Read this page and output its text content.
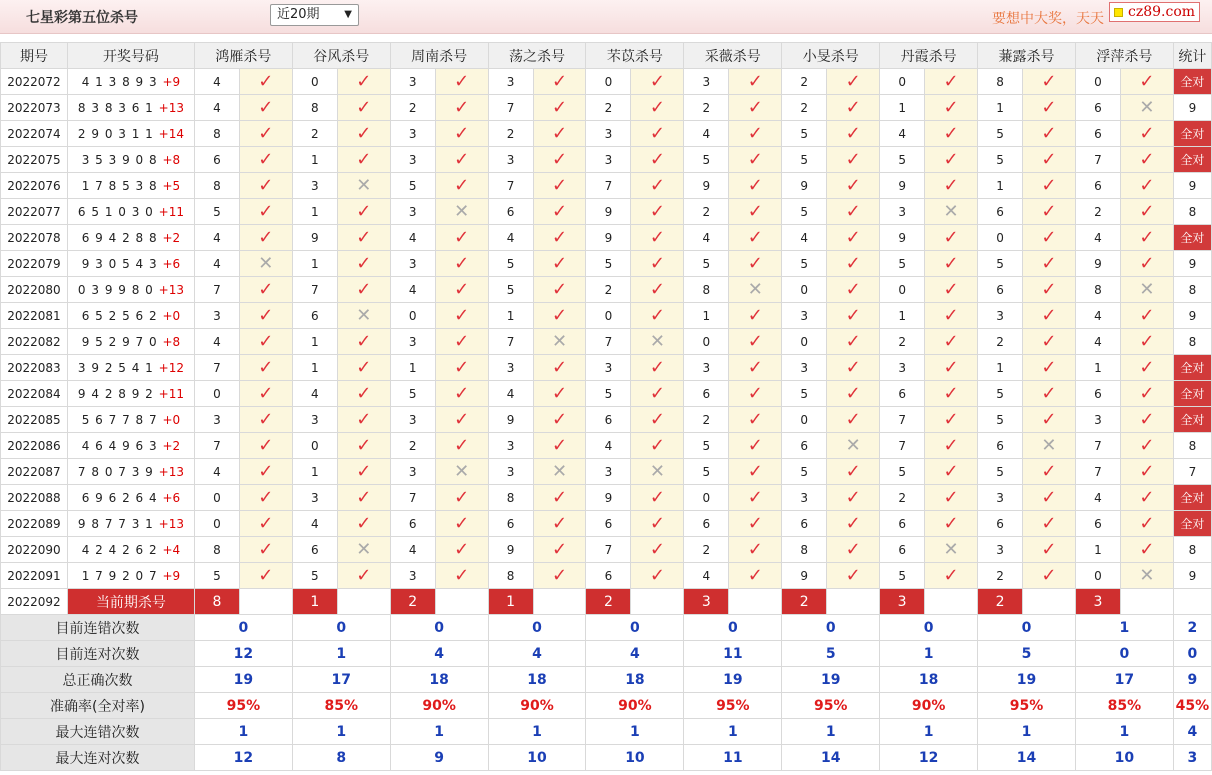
七星彩第五位杀号	近20期 ▼	要想中大奖，天天	cz89.com
期号	开奖号码	鸿雁杀号		谷风杀号		周南杀号		荡之杀号		芣苡杀号		采薇杀号		小旻杀号		丹霞杀号		蒹露杀号		浮萍杀号		统计
2022072	4 1 3 8 9 3 +9	4	✓	0	✓	3	✓	3	✓	0	✓	3	✓	2	✓	0	✓	8	✓	0	✓	全对
2022073	8 3 8 3 6 1 +13	4	✓	8	✓	2	✓	7	✓	2	✓	2	✓	2	✓	1	✓	1	✓	6	✕	9
2022074	2 9 0 3 1 1 +14	8	✓	2	✓	3	✓	2	✓	3	✓	4	✓	5	✓	4	✓	5	✓	6	✓	全对
2022075	3 5 3 9 0 8 +8	6	✓	1	✓	3	✓	3	✓	3	✓	5	✓	5	✓	5	✓	5	✓	7	✓	全对
2022076	1 7 8 5 3 8 +5	8	✓	3	✕	5	✓	7	✓	7	✓	9	✓	9	✓	9	✓	1	✓	6	✓	9
2022077	6 5 1 0 3 0 +11	5	✓	1	✓	3	✕	6	✓	9	✓	2	✓	5	✓	3	✕	6	✓	2	✓	8
2022078	6 9 4 2 8 8 +2	4	✓	9	✓	4	✓	4	✓	9	✓	4	✓	4	✓	9	✓	0	✓	4	✓	全对
2022079	9 3 0 5 4 3 +6	4	✕	1	✓	3	✓	5	✓	5	✓	5	✓	5	✓	5	✓	5	✓	9	✓	9
2022080	0 3 9 9 8 0 +13	7	✓	7	✓	4	✓	5	✓	2	✓	8	✕	0	✓	0	✓	6	✓	8	✕	8
2022081	6 5 2 5 6 2 +0	3	✓	6	✕	0	✓	1	✓	0	✓	1	✓	3	✓	1	✓	3	✓	4	✓	9
2022082	9 5 2 9 7 0 +8	4	✓	1	✓	3	✓	7	✕	7	✕	0	✓	0	✓	2	✓	2	✓	4	✓	8
2022083	3 9 2 5 4 1 +12	7	✓	1	✓	1	✓	3	✓	3	✓	3	✓	3	✓	3	✓	1	✓	1	✓	全对
2022084	9 4 2 8 9 2 +11	0	✓	4	✓	5	✓	4	✓	5	✓	6	✓	5	✓	6	✓	5	✓	6	✓	全对
2022085	5 6 7 7 8 7 +0	3	✓	3	✓	3	✓	9	✓	6	✓	2	✓	0	✓	7	✓	5	✓	3	✓	全对
2022086	4 6 4 9 6 3 +2	7	✓	0	✓	2	✓	3	✓	4	✓	5	✓	6	✕	7	✓	6	✕	7	✓	8
2022087	7 8 0 7 3 9 +13	4	✓	1	✓	3	✕	3	✕	3	✕	5	✓	5	✓	5	✓	5	✓	7	✓	7
2022088	6 9 6 2 6 4 +6	0	✓	3	✓	7	✓	8	✓	9	✓	0	✓	3	✓	2	✓	3	✓	4	✓	全对
2022089	9 8 7 7 3 1 +13	0	✓	4	✓	6	✓	6	✓	6	✓	6	✓	6	✓	6	✓	6	✓	6	✓	全对
2022090	4 2 4 2 6 2 +4	8	✓	6	✕	4	✓	9	✓	7	✓	2	✓	8	✓	6	✕	3	✓	1	✓	8
2022091	1 7 9 2 0 7 +9	5	✓	5	✓	3	✓	8	✓	6	✓	4	✓	9	✓	5	✓	2	✓	0	✕	9
2022092	当前期杀号	8		1		2		1		2		3		2		3		2		3		
目前连错次数		0		0		0		0		0		0		0		0		0		1		2
目前连对次数		12		1		4		4		4		11		5		1		5		0		0
总正确次数		19		17		18		18		18		19		19		18		19		17		9
准确率(全对率)		95%		85%		90%		90%		90%		95%		95%		90%		95%		85%		45%
最大连错次数		1		1		1		1		1		1		1		1		1		1		4
最大连对次数		12		8		9		10		10		11		14		12		14		10		3
